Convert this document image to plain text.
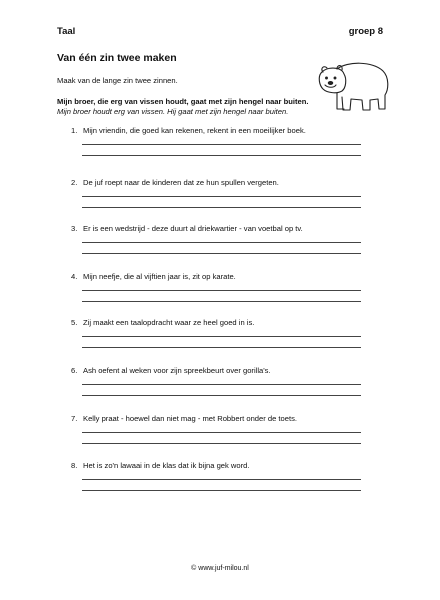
Taal	groep 8
Van één zin twee maken
Maak van de lange zin twee zinnen.
Mijn broer, die erg van vissen houdt, gaat met zijn hengel naar buiten.
Mijn broer houdt erg van vissen. Hij gaat met zijn hengel naar buiten.
1. Mijn vriendin, die goed kan rekenen, rekent in een moeilijker boek.
2. De juf roept naar de kinderen dat ze hun spullen vergeten.
3. Er is een wedstrijd - deze duurt al driekwartier - van voetbal op tv.
4. Mijn neefje, die al vijftien jaar is, zit op karate.
5. Zij maakt een taalopdracht waar ze heel goed in is.
6. Ash oefent al weken voor zijn spreekbeurt over gorilla's.
7. Kelly praat - hoewel dan niet mag - met Robbert onder de toets.
8. Het is zo'n lawaai in de klas dat ik bijna gek word.
© www.juf-milou.nl
